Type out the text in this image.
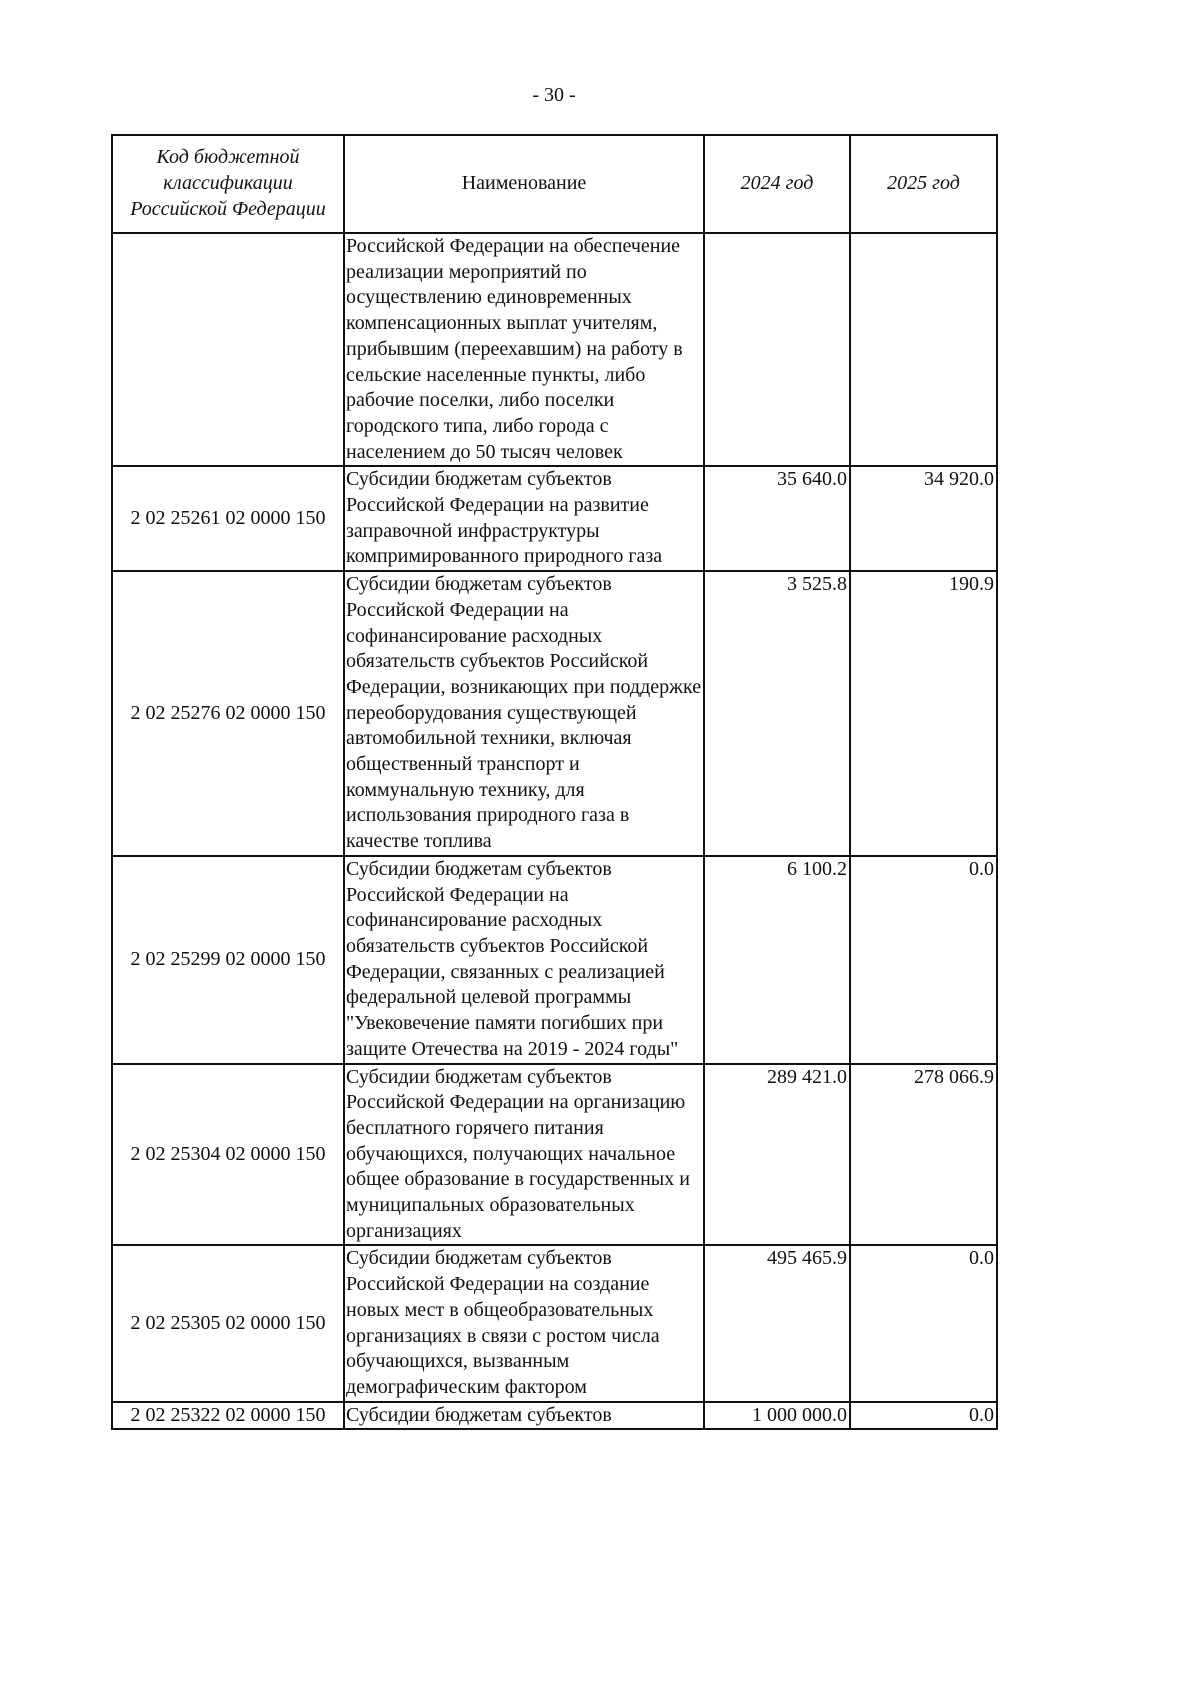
- 30 -
Код бюджетной классификации Российской Федерации	Наименование	2024 год	2025 год
	Российской Федерации на обеспечение реализации мероприятий по осуществлению единовременных компенсационных выплат учителям, прибывшим (переехавшим) на работу в сельские населенные пункты, либо рабочие поселки, либо поселки городского типа, либо города с населением до 50 тысяч человек		
2 02 25261 02 0000 150	Субсидии бюджетам субъектов Российской Федерации на развитие заправочной инфраструктуры компримированного природного газа	35 640.0	34 920.0
2 02 25276 02 0000 150	Субсидии бюджетам субъектов Российской Федерации на софинансирование расходных обязательств субъектов Российской Федерации, возникающих при поддержке переоборудования существующей автомобильной техники, включая общественный транспорт и коммунальную технику, для использования природного газа в качестве топлива	3 525.8	190.9
2 02 25299 02 0000 150	Субсидии бюджетам субъектов Российской Федерации на софинансирование расходных обязательств субъектов Российской Федерации, связанных с реализацией федеральной целевой программы "Увековечение памяти погибших при защите Отечества на 2019 - 2024 годы"	6 100.2	0.0
2 02 25304 02 0000 150	Субсидии бюджетам субъектов Российской Федерации на организацию бесплатного горячего питания обучающихся, получающих начальное общее образование в государственных и муниципальных образовательных организациях	289 421.0	278 066.9
2 02 25305 02 0000 150	Субсидии бюджетам субъектов Российской Федерации на создание новых мест в общеобразовательных организациях в связи с ростом числа обучающихся, вызванным демографическим фактором	495 465.9	0.0
2 02 25322 02 0000 150	Субсидии бюджетам субъектов	1 000 000.0	0.0
